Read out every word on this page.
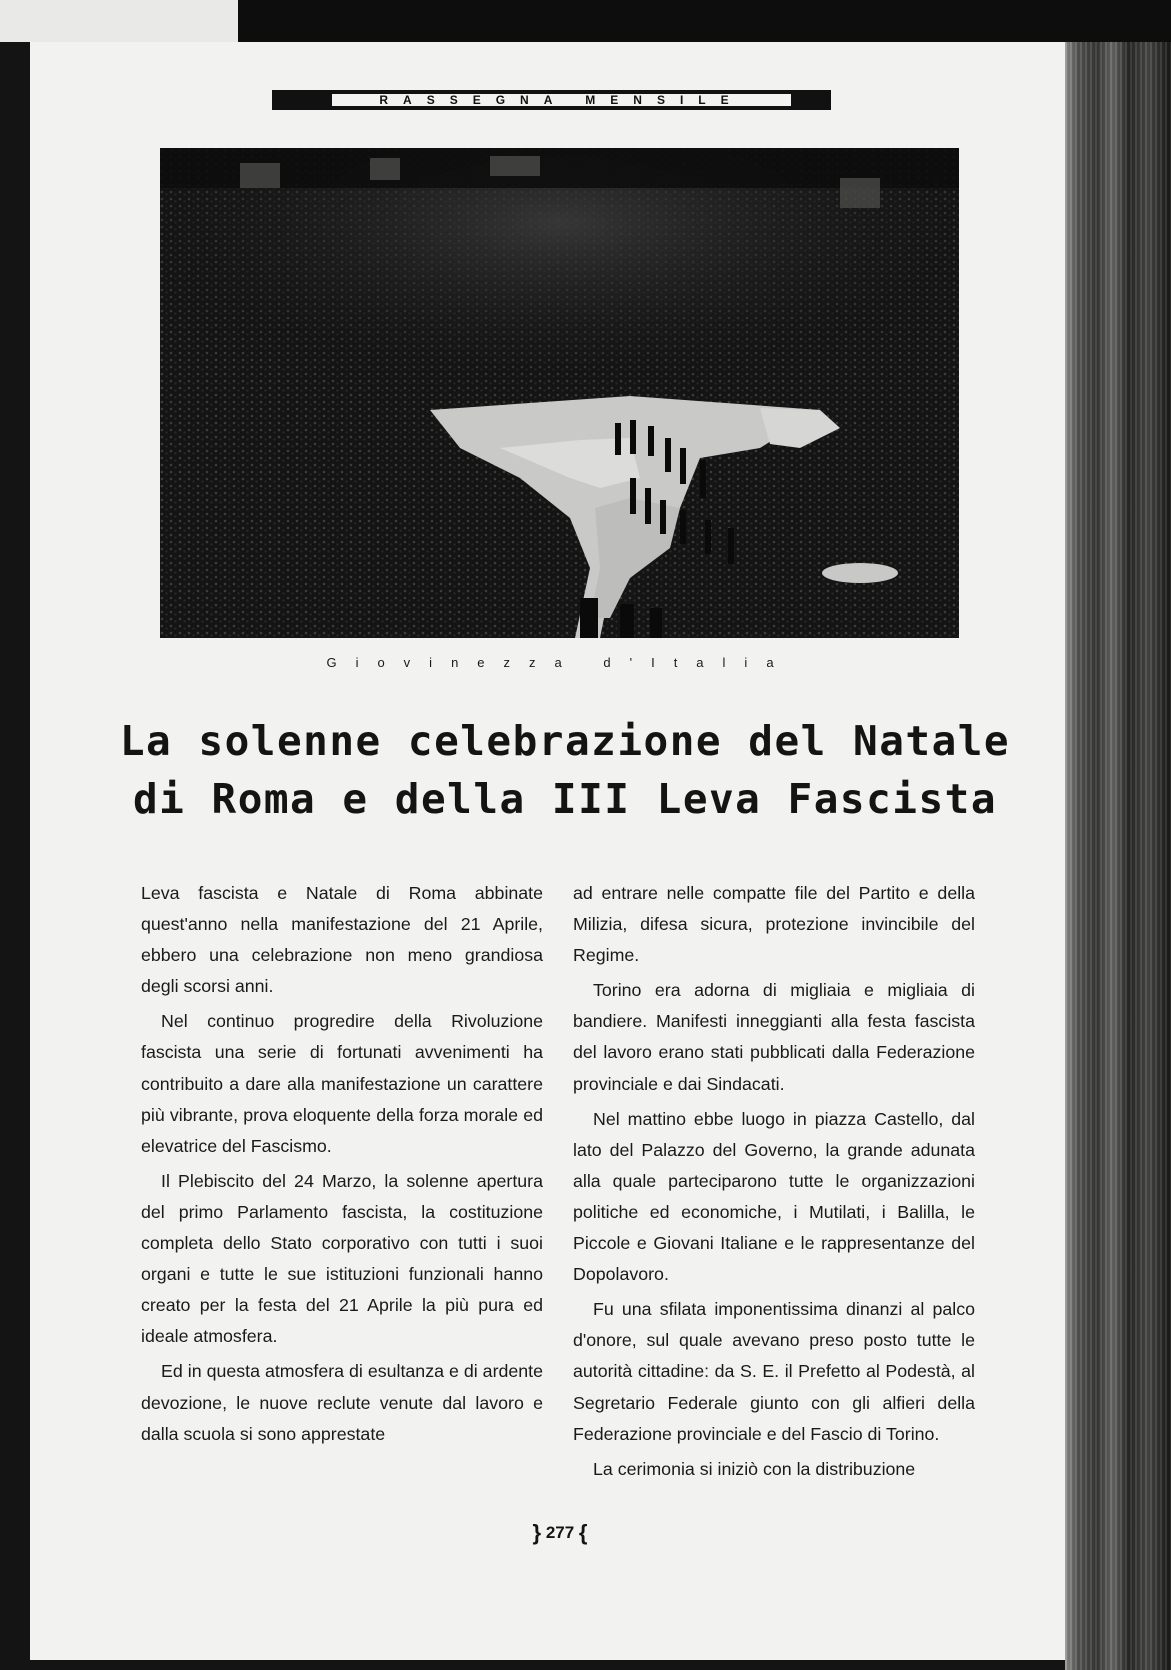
RASSEGNA MENSILE
Giovinezza d'Italia
La solenne celebrazione del Natale
di Roma e della III Leva Fascista

Leva fascista e Natale di Roma abbinate quest'anno nella manifestazione del 21 Aprile, ebbero una celebrazione non meno grandiosa degli scorsi anni.

Nel continuo progredire della Rivoluzione fascista una serie di fortunati avvenimenti ha contribuito a dare alla manifestazione un carattere più vibrante, prova eloquente della forza morale ed elevatrice del Fascismo.

Il Plebiscito del 24 Marzo, la solenne apertura del primo Parlamento fascista, la costituzione completa dello Stato corporativo con tutti i suoi organi e tutte le sue istituzioni funzionali hanno creato per la festa del 21 Aprile la più pura ed ideale atmosfera.

Ed in questa atmosfera di esultanza e di ardente devozione, le nuove reclute venute dal lavoro e dalla scuola si sono apprestate

ad entrare nelle compatte file del Partito e della Milizia, difesa sicura, protezione invincibile del Regime.

Torino era adorna di migliaia e migliaia di bandiere. Manifesti inneggianti alla festa fascista del lavoro erano stati pubblicati dalla Federazione provinciale e dai Sindacati.

Nel mattino ebbe luogo in piazza Castello, dal lato del Palazzo del Governo, la grande adunata alla quale parteciparono tutte le organizzazioni politiche ed economiche, i Mutilati, i Balilla, le Piccole e Giovani Italiane e le rappresentanze del Dopolavoro.

Fu una sfilata imponentissima dinanzi al palco d'onore, sul quale avevano preso posto tutte le autorità cittadine: da S. E. il Prefetto al Podestà, al Segretario Federale giunto con gli alfieri della Federazione provinciale e del Fascio di Torino.

La cerimonia si iniziò con la distribuzione

} 277 {
